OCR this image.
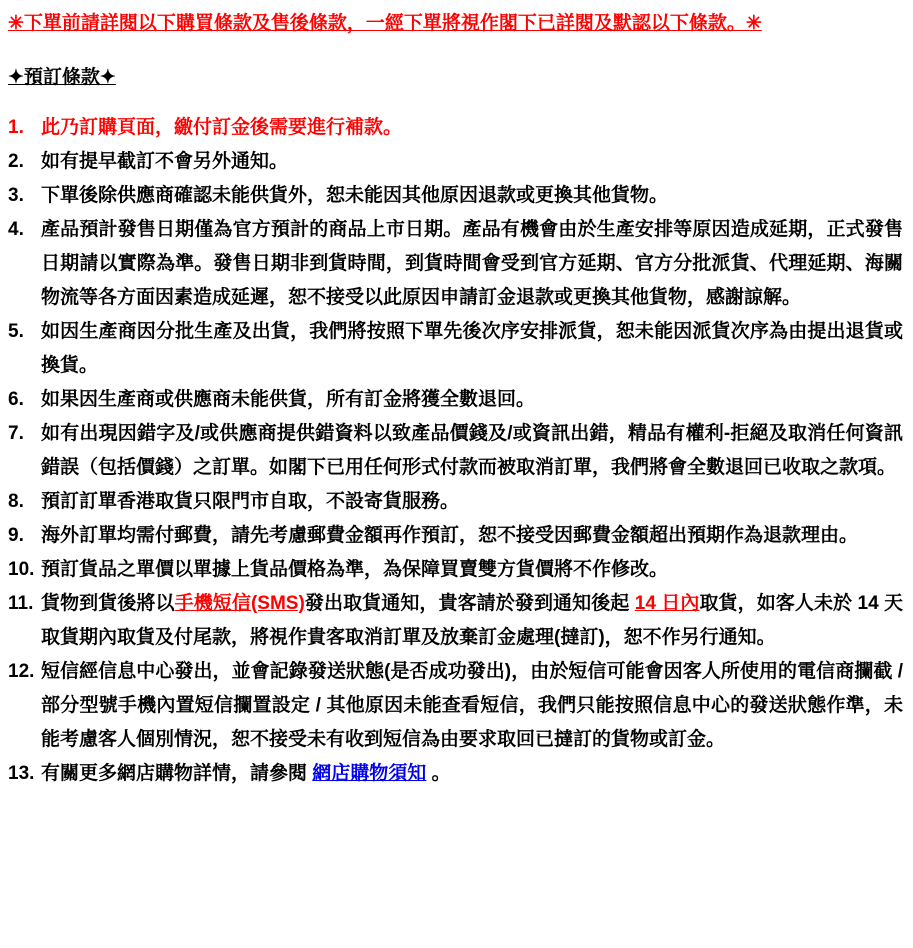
✳下單前請詳閱以下購買條款及售後條款，一經下單將視作閣下已詳閱及默認以下條款。✳
✦預訂條款✦
1. 此乃訂購頁面，繳付訂金後需要進行補款。
2. 如有提早截訂不會另外通知。
3. 下單後除供應商確認未能供貨外，恕未能因其他原因退款或更換其他貨物。
4. 產品預計發售日期僅為官方預計的商品上市日期。產品有機會由於生產安排等原因造成延期，正式發售日期請以實際為準。發售日期非到貨時間，到貨時間會受到官方延期、官方分批派貨、代理延期、海關物流等各方面因素造成延遲，恕不接受以此原因申請訂金退款或更換其他貨物，感謝諒解。
5. 如因生產商因分批生產及出貨，我們將按照下單先後次序安排派貨，恕未能因派貨次序為由提出退貨或換貨。
6. 如果因生產商或供應商未能供貨，所有訂金將獲全數退回。
7. 如有出現因錯字及/或供應商提供錯資料以致產品價錢及/或資訊出錯，精品有權利-拒絕及取消任何資訊錯誤（包括價錢）之訂單。如閣下已用任何形式付款而被取消訂單，我們將會全數退回已收取之款項。
8. 預訂訂單香港取貨只限門市自取，不設寄貨服務。
9. 海外訂單均需付郵費，請先考慮郵費金額再作預訂，恕不接受因郵費金額超出預期作為退款理由。
10. 預訂貨品之單價以單據上貨品價格為準，為保障買賣雙方貨價將不作修改。
11. 貨物到貨後將以手機短信(SMS)發出取貨通知，貴客請於發到通知後起 14 日內取貨，如客人未於 14 天取貨期內取貨及付尾款，將視作貴客取消訂單及放棄訂金處理(撻訂)，恕不作另行通知。
12. 短信經信息中心發出，並會記錄發送狀態(是否成功發出)，由於短信可能會因客人所使用的電信商攔截 / 部分型號手機內置短信攔置設定 / 其他原因未能查看短信，我們只能按照信息中心的發送狀態作準，未能考慮客人個別情況，恕不接受未有收到短信為由要求取回已撻訂的貨物或訂金。
13. 有關更多網店購物詳情，請參閱 網店購物須知 。
